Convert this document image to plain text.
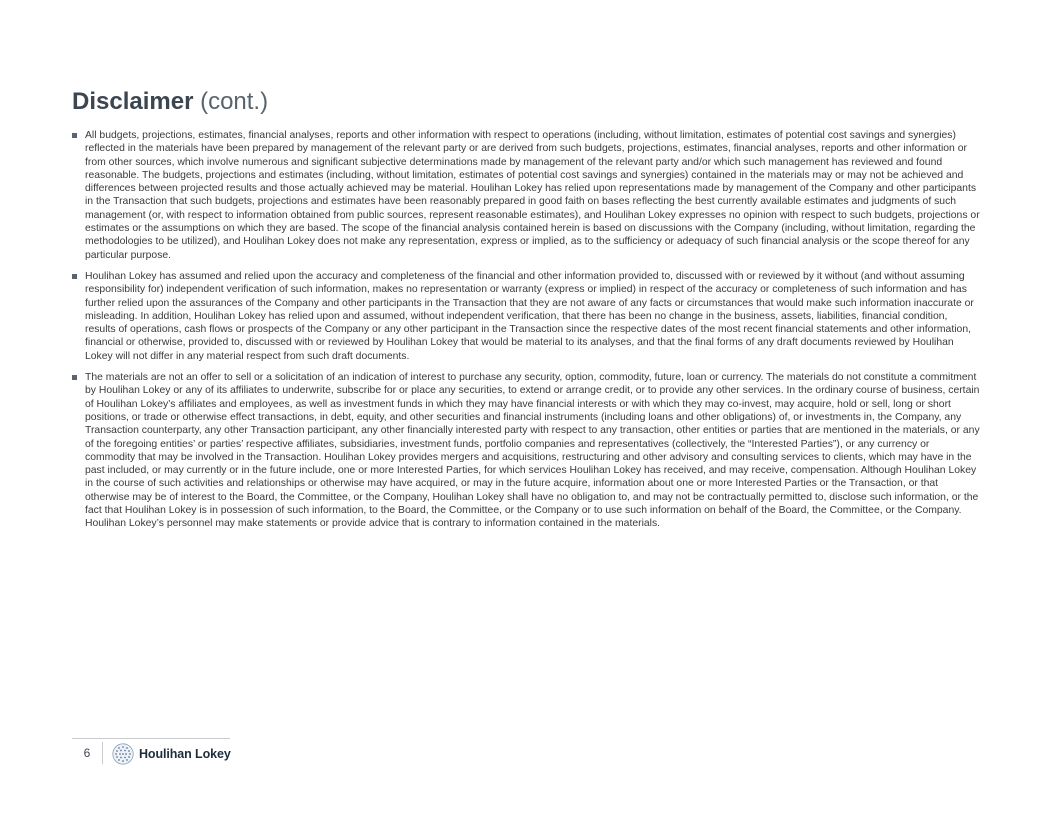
Disclaimer (cont.)
All budgets, projections, estimates, financial analyses, reports and other information with respect to operations (including, without limitation, estimates of potential cost savings and synergies) reflected in the materials have been prepared by management of the relevant party or are derived from such budgets, projections, estimates, financial analyses, reports and other information or from other sources, which involve numerous and significant subjective determinations made by management of the relevant party and/or which such management has reviewed and found reasonable. The budgets, projections and estimates (including, without limitation, estimates of potential cost savings and synergies) contained in the materials may or may not be achieved and differences between projected results and those actually achieved may be material. Houlihan Lokey has relied upon representations made by management of the Company and other participants in the Transaction that such budgets, projections and estimates have been reasonably prepared in good faith on bases reflecting the best currently available estimates and judgments of such management (or, with respect to information obtained from public sources, represent reasonable estimates), and Houlihan Lokey expresses no opinion with respect to such budgets, projections or estimates or the assumptions on which they are based. The scope of the financial analysis contained herein is based on discussions with the Company (including, without limitation, regarding the methodologies to be utilized), and Houlihan Lokey does not make any representation, express or implied, as to the sufficiency or adequacy of such financial analysis or the scope thereof for any particular purpose.
Houlihan Lokey has assumed and relied upon the accuracy and completeness of the financial and other information provided to, discussed with or reviewed by it without (and without assuming responsibility for) independent verification of such information, makes no representation or warranty (express or implied) in respect of the accuracy or completeness of such information and has further relied upon the assurances of the Company and other participants in the Transaction that they are not aware of any facts or circumstances that would make such information inaccurate or misleading. In addition, Houlihan Lokey has relied upon and assumed, without independent verification, that there has been no change in the business, assets, liabilities, financial condition, results of operations, cash flows or prospects of the Company or any other participant in the Transaction since the respective dates of the most recent financial statements and other information, financial or otherwise, provided to, discussed with or reviewed by Houlihan Lokey that would be material to its analyses, and that the final forms of any draft documents reviewed by Houlihan Lokey will not differ in any material respect from such draft documents.
The materials are not an offer to sell or a solicitation of an indication of interest to purchase any security, option, commodity, future, loan or currency. The materials do not constitute a commitment by Houlihan Lokey or any of its affiliates to underwrite, subscribe for or place any securities, to extend or arrange credit, or to provide any other services. In the ordinary course of business, certain of Houlihan Lokey’s affiliates and employees, as well as investment funds in which they may have financial interests or with which they may co-invest, may acquire, hold or sell, long or short positions, or trade or otherwise effect transactions, in debt, equity, and other securities and financial instruments (including loans and other obligations) of, or investments in, the Company, any Transaction counterparty, any other Transaction participant, any other financially interested party with respect to any transaction, other entities or parties that are mentioned in the materials, or any of the foregoing entities’ or parties’ respective affiliates, subsidiaries, investment funds, portfolio companies and representatives (collectively, the “Interested Parties”), or any currency or commodity that may be involved in the Transaction. Houlihan Lokey provides mergers and acquisitions, restructuring and other advisory and consulting services to clients, which may have in the past included, or may currently or in the future include, one or more Interested Parties, for which services Houlihan Lokey has received, and may receive, compensation. Although Houlihan Lokey in the course of such activities and relationships or otherwise may have acquired, or may in the future acquire, information about one or more Interested Parties or the Transaction, or that otherwise may be of interest to the Board, the Committee, or the Company, Houlihan Lokey shall have no obligation to, and may not be contractually permitted to, disclose such information, or the fact that Houlihan Lokey is in possession of such information, to the Board, the Committee, or the Company or to use such information on behalf of the Board, the Committee, or the Company. Houlihan Lokey’s personnel may make statements or provide advice that is contrary to information contained in the materials.
6	Houlihan Lokey
